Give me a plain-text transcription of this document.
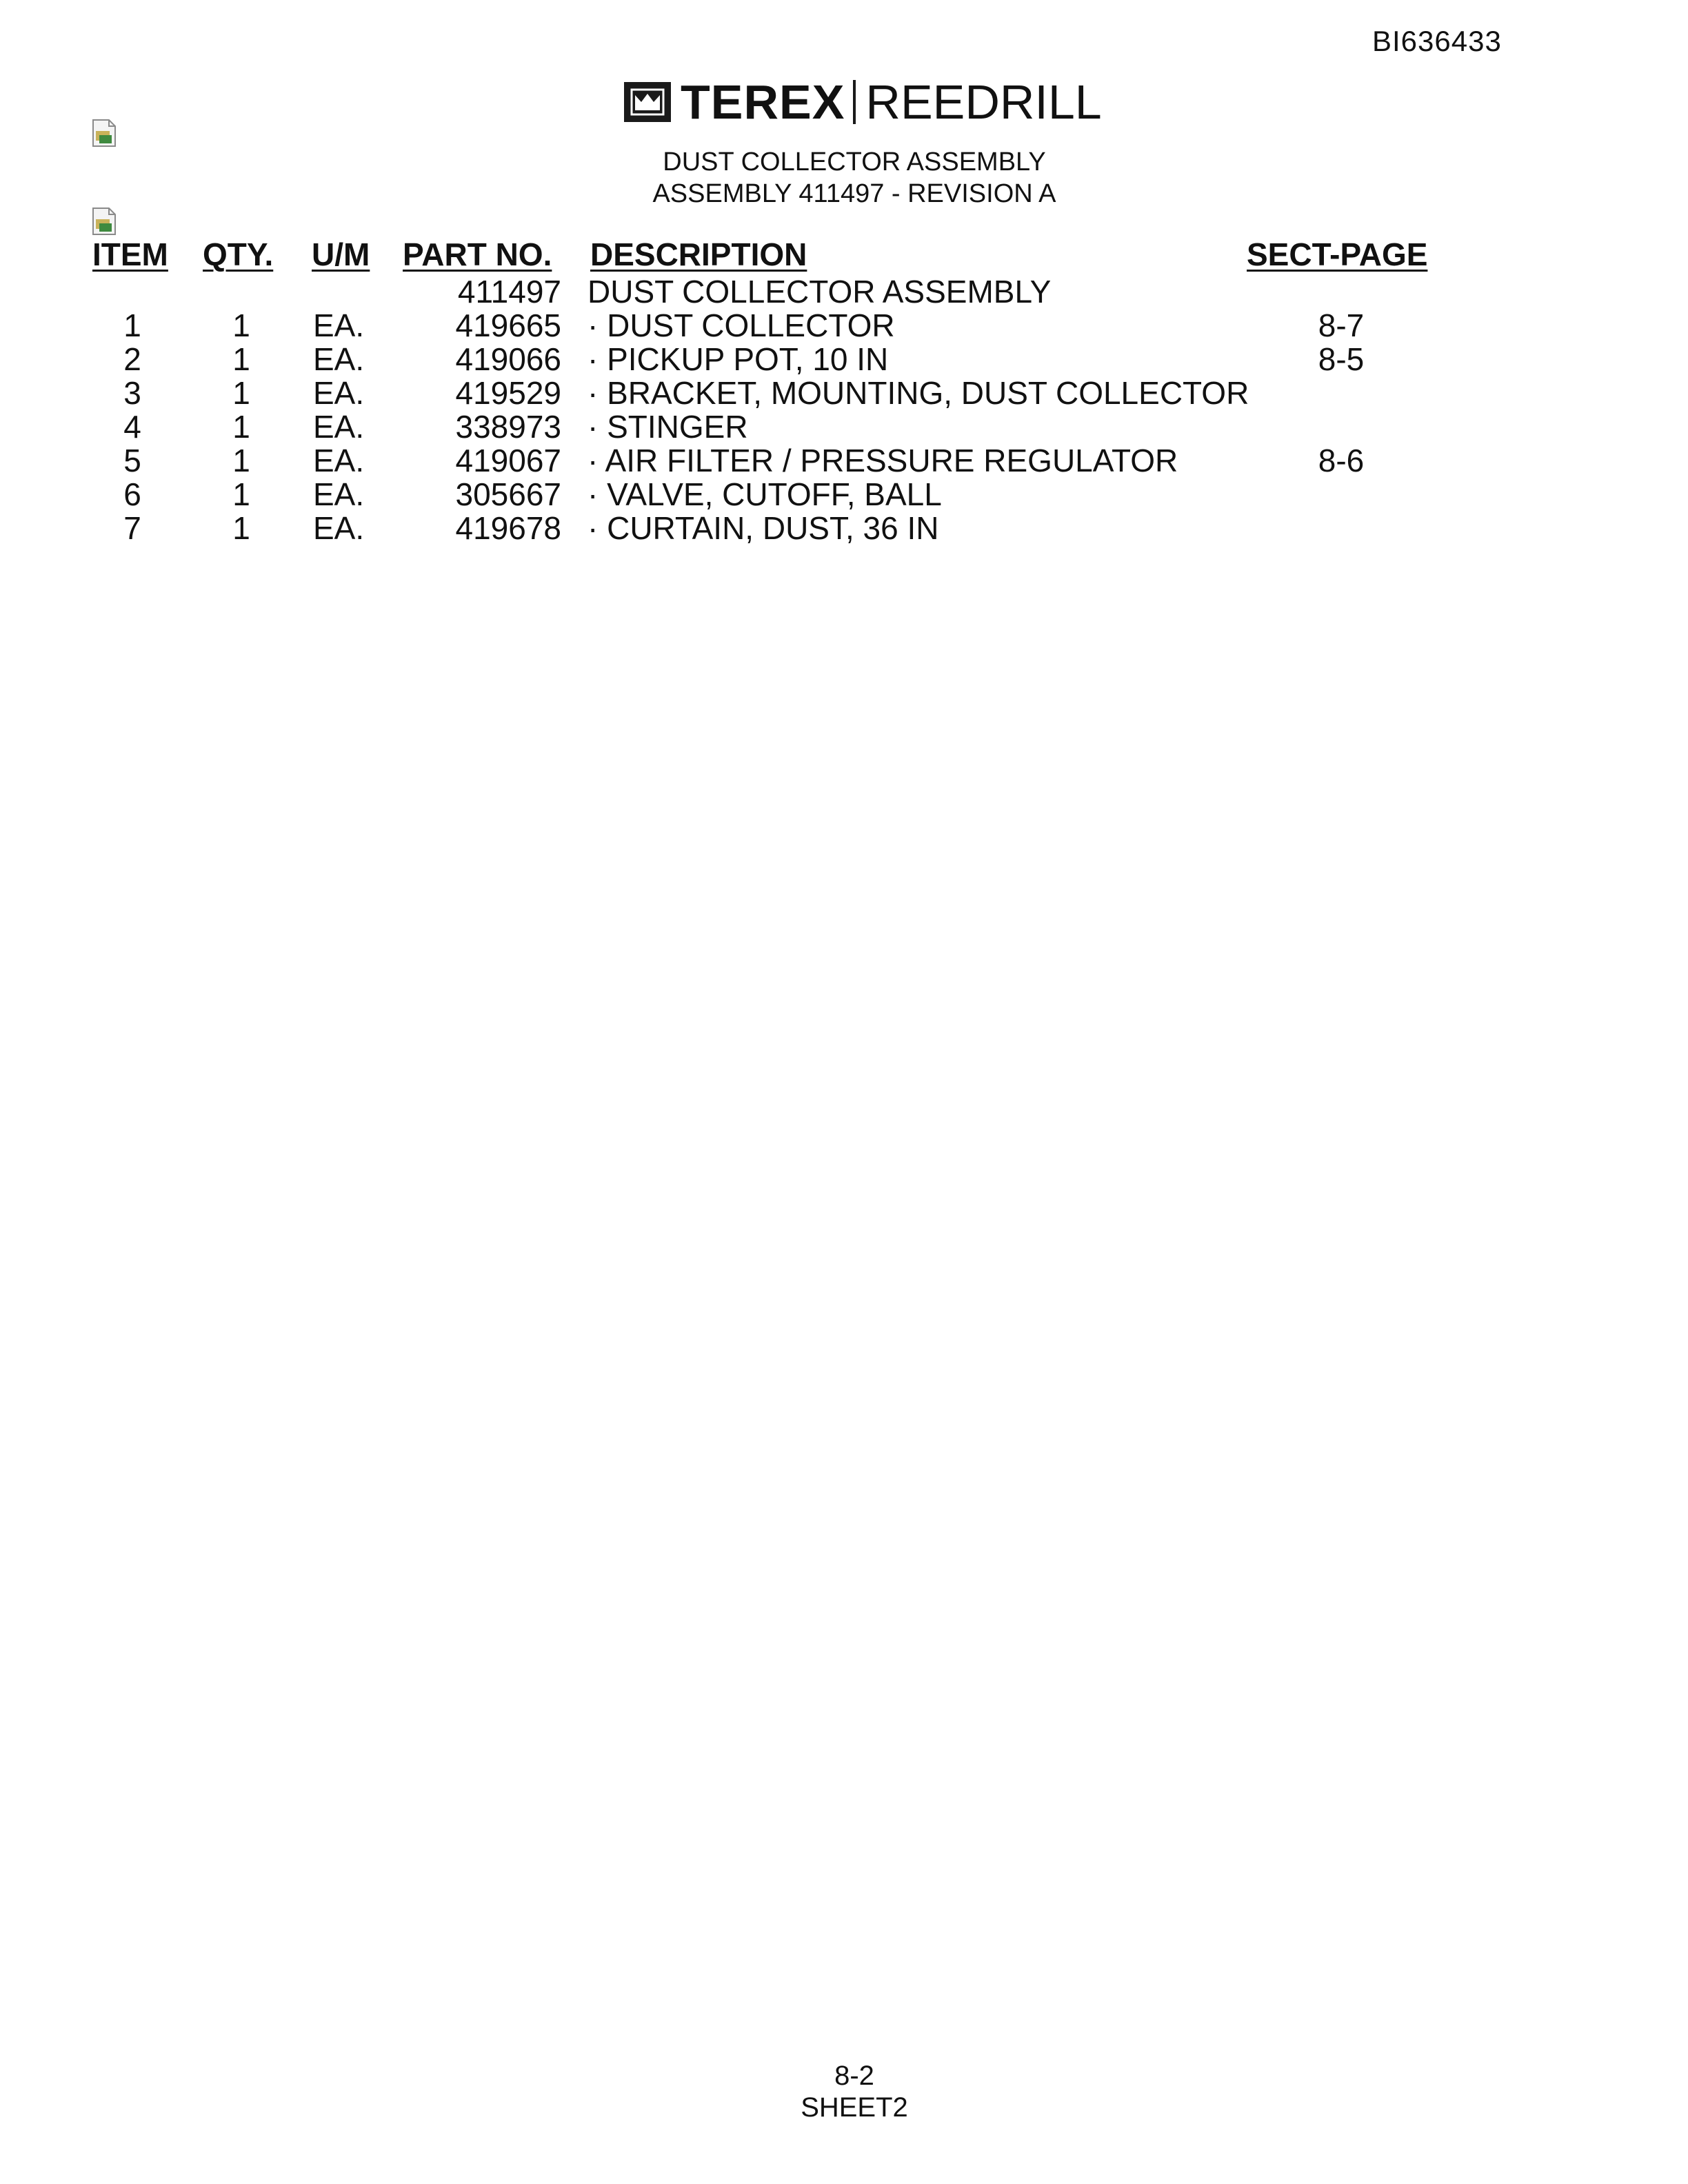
BI636433
TEREX REEDRILL
DUST COLLECTOR ASSEMBLY
ASSEMBLY 411497 - REVISION A
ITEM QTY. U/M PART NO. DESCRIPTION	SECT-PAGE
411497 DUST COLLECTOR ASSEMBLY
1	1	EA.	419665 · DUST COLLECTOR	8-7
2	1	EA.	419066 · PICKUP POT, 10 IN	8-5
3	1	EA.	419529 · BRACKET, MOUNTING, DUST COLLECTOR
4	1	EA.	338973 · STINGER
5	1	EA.	419067 · AIR FILTER / PRESSURE REGULATOR	8-6
6	1	EA.	305667 · VALVE, CUTOFF, BALL
7	1	EA.	419678 · CURTAIN, DUST, 36 IN
8-2
SHEET2
